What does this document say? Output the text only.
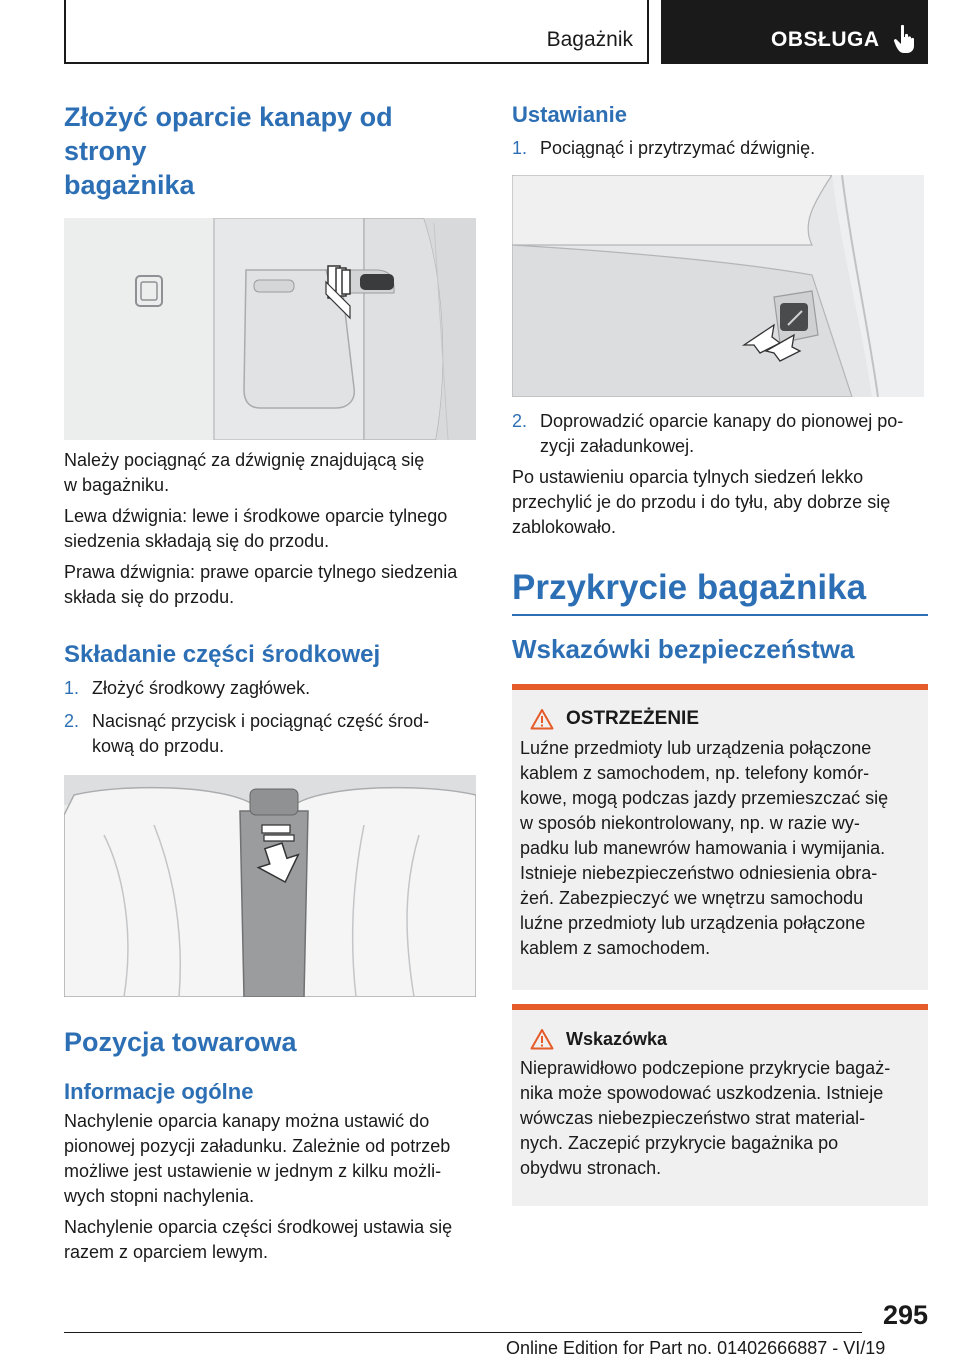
Bagażnik	OBSŁUGA
Złożyć oparcie kanapy od strony
bagażnika

Należy pociągnąć za dźwignię znajdującą się
w bagażniku.

Lewa dźwignia: lewe i środkowe oparcie tylnego
siedzenia składają się do przodu.

Prawa dźwignia: prawe oparcie tylnego siedzenia
składa się do przodu.

Składanie części środkowej
1. Złożyć środkowy zagłówek.
2. Nacisnąć przycisk i pociągnąć część środ‐
kową do przodu.
Pozycja towarowa
Informacje ogólne

Nachylenie oparcia kanapy można ustawić do
pionowej pozycji załadunku. Zależnie od potrzeb
możliwe jest ustawienie w jednym z kilku możli‐
wych stopni nachylenia.

Nachylenie oparcia części środkowej ustawia się
razem z oparciem lewym.

Ustawianie
1. Pociągnąć i przytrzymać dźwignię.
2. Doprowadzić oparcie kanapy do pionowej po‐
zycji załadunkowej.

Po ustawieniu oparcia tylnych siedzeń lekko
przechylić je do przodu i do tyłu, aby dobrze się
zablokowało.

Przykrycie bagażnika
Wskazówki bezpieczeństwa
OSTRZEŻENIE

Luźne przedmioty lub urządzenia połączone
kablem z samochodem, np. telefony komór‐
kowe, mogą podczas jazdy przemieszczać się
w sposób niekontrolowany, np. w razie wy‐
padku lub manewrów hamowania i wymijania.
Istnieje niebezpieczeństwo odniesienia obra‐
żeń. Zabezpieczyć we wnętrzu samochodu
luźne przedmioty lub urządzenia połączone
kablem z samochodem.

Wskazówka

Nieprawidłowo podczepione przykrycie bagaż‐
nika może spowodować uszkodzenia. Istnieje
wówczas niebezpieczeństwo strat material‐
nych. Zaczepić przykrycie bagażnika po
obydwu stronach.

295
Online Edition for Part no. 01402666887 - VI/19
